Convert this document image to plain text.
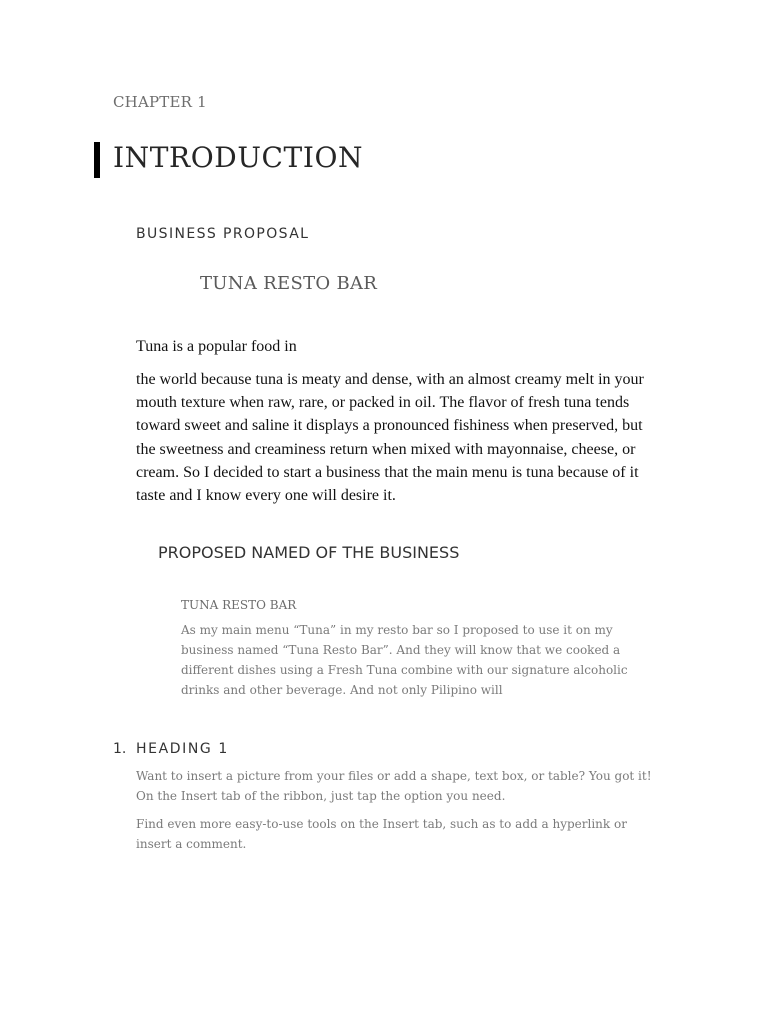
CHAPTER 1

INTRODUCTION
BUSINESS PROPOSAL

TUNA RESTO BAR

Tuna is a popular food in

the world because tuna is meaty and dense, with an almost creamy melt in your mouth texture when raw, rare, or packed in oil. The flavor of fresh tuna tends toward sweet and saline it displays a pronounced fishiness when preserved, but the sweetness and creaminess return when mixed with mayonnaise, cheese, or cream. So I decided to start a business that the main menu is tuna because of it taste and I know every one will desire it.

PROPOSED NAMED OF THE BUSINESS

TUNA RESTO BAR

As my main menu “Tuna” in my resto bar so I proposed to use it on my business named “Tuna Resto Bar”. And they will know that we cooked a different dishes using a Fresh Tuna combine with our signature alcoholic drinks and other beverage. And not only Pilipino will

1. HEADING 1

Want to insert a picture from your files or add a shape, text box, or table? You got it! On the Insert tab of the ribbon, just tap the option you need.

Find even more easy-to-use tools on the Insert tab, such as to add a hyperlink or insert a comment.
